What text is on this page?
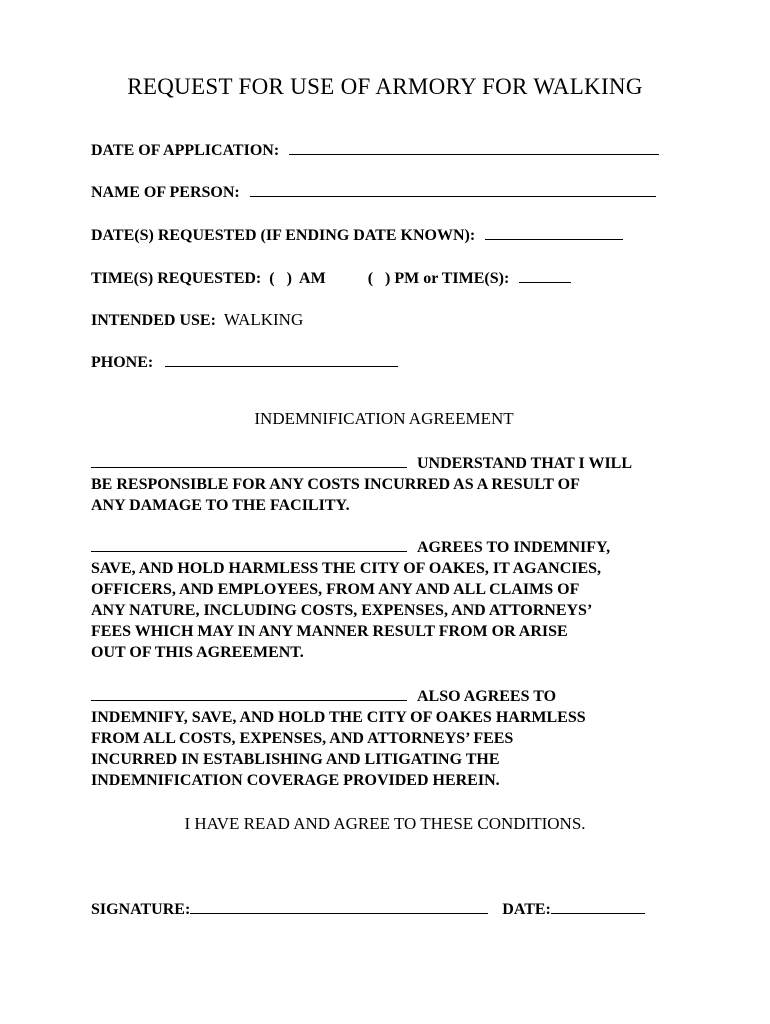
REQUEST FOR USE OF ARMORY FOR WALKING
DATE OF APPLICATION:
NAME OF PERSON:
DATE(S) REQUESTED (IF ENDING DATE KNOWN):
TIME(S) REQUESTED: (   )  AM	(   ) PM or TIME(S):
INTENDED USE: WALKING
PHONE:
INDEMNIFICATION AGREEMENT
UNDERSTAND THAT I WILL
BE RESPONSIBLE FOR ANY COSTS INCURRED AS A RESULT OF
ANY DAMAGE TO THE FACILITY.
AGREES TO INDEMNIFY,
SAVE, AND HOLD HARMLESS THE CITY OF OAKES, IT AGANCIES,
OFFICERS, AND EMPLOYEES, FROM ANY AND ALL CLAIMS OF
ANY NATURE, INCLUDING COSTS, EXPENSES, AND ATTORNEYS’
FEES WHICH MAY IN ANY MANNER RESULT FROM OR ARISE
OUT OF THIS AGREEMENT.
ALSO AGREES TO
INDEMNIFY, SAVE, AND HOLD THE CITY OF OAKES HARMLESS
FROM ALL COSTS, EXPENSES, AND ATTORNEYS’ FEES
INCURRED IN ESTABLISHING AND LITIGATING THE
INDEMNIFICATION COVERAGE PROVIDED HEREIN.
I HAVE READ AND AGREE TO THESE CONDITIONS.
SIGNATURE:	DATE:
